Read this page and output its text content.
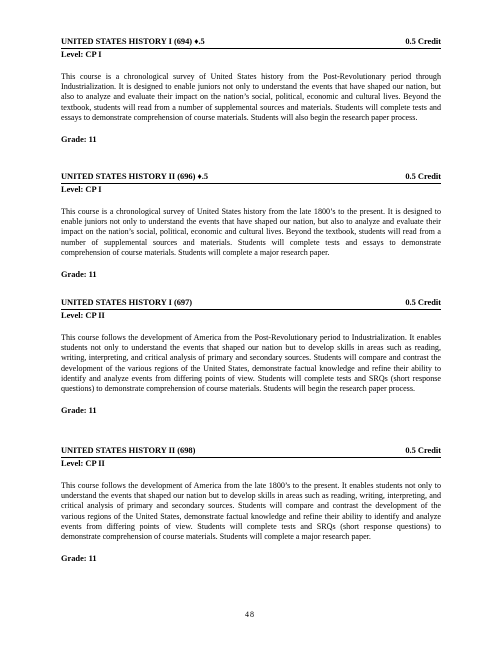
UNITED STATES HISTORY I (694) ♦.5	0.5 Credit
Level: CP I
This course is a chronological survey of United States history from the Post-Revolutionary period through Industrialization. It is designed to enable juniors not only to understand the events that have shaped our nation, but also to analyze and evaluate their impact on the nation’s social, political, economic and cultural lives. Beyond the textbook, students will read from a number of supplemental sources and materials. Students will complete tests and essays to demonstrate comprehension of course materials. Students will also begin the research paper process.
Grade: 11
UNITED STATES HISTORY II (696) ♦.5	0.5 Credit
Level: CP I
This course is a chronological survey of United States history from the late 1800’s to the present. It is designed to enable juniors not only to understand the events that have shaped our nation, but also to analyze and evaluate their impact on the nation’s social, political, economic and cultural lives. Beyond the textbook, students will read from a number of supplemental sources and materials. Students will complete tests and essays to demonstrate comprehension of course materials. Students will complete a major research paper.
Grade: 11
UNITED STATES HISTORY I (697)	0.5 Credit
Level: CP II
This course follows the development of America from the Post-Revolutionary period to Industrialization. It enables students not only to understand the events that shaped our nation but to develop skills in areas such as reading, writing, interpreting, and critical analysis of primary and secondary sources. Students will compare and contrast the development of the various regions of the United States, demonstrate factual knowledge and refine their ability to identify and analyze events from differing points of view. Students will complete tests and SRQs (short response questions) to demonstrate comprehension of course materials. Students will begin the research paper process.
Grade: 11
UNITED STATES HISTORY II (698)	0.5 Credit
Level: CP II
This course follows the development of America from the late 1800’s to the present. It enables students not only to understand the events that shaped our nation but to develop skills in areas such as reading, writing, interpreting, and critical analysis of primary and secondary sources. Students will compare and contrast the development of the various regions of the United States, demonstrate factual knowledge and refine their ability to identify and analyze events from differing points of view. Students will complete tests and SRQs (short response questions) to demonstrate comprehension of course materials. Students will complete a major research paper.
Grade: 11
48
